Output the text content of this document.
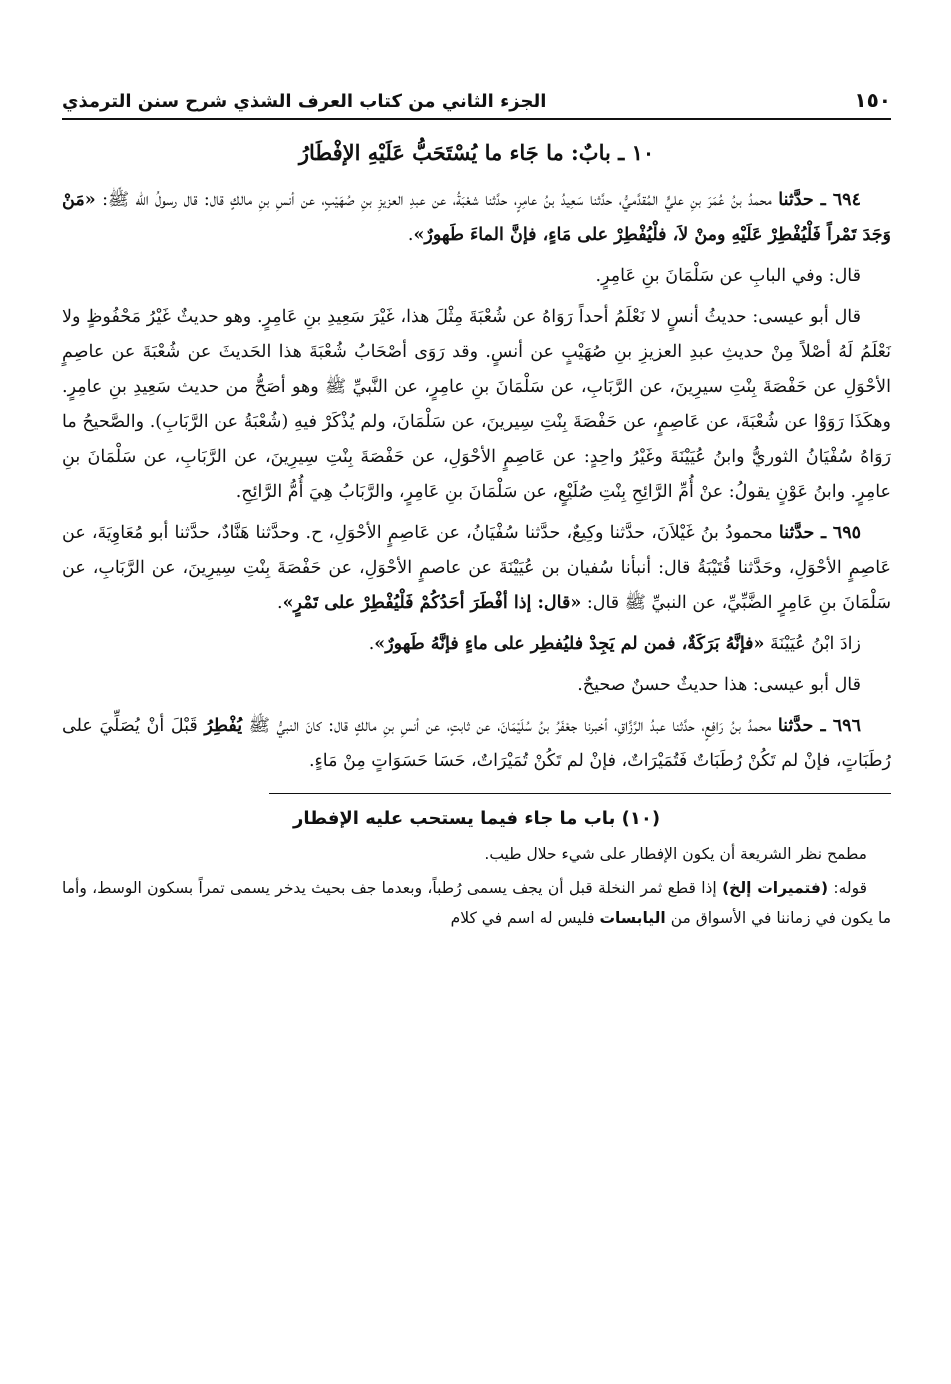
١٥٠
الجزء الثاني من كتاب العرف الشذي شرح سنن الترمذي
١٠ ـ بابٌ: ما جَاء ما يُسْتَحَبُّ عَلَيْهِ الإفْطَارُ

٦٩٤ ـ حدَّثنا محمدُ بنُ عُمَرَ بنِ عليٍّ المُقدَّميُّ، حدَّثنا سَعِيدُ بنُ عامِرٍ، حدَّثنا شعْبَةُ، عن عبدِ العزيزِ بنِ صُهَيْبٍ، عن أنسِ بنِ مالكٍ قال: قال رسولُ الله ﷺ: «مَنْ وَجَدَ تَمْراً فَلْيُفْطِرْ عَلَيْهِ ومنْ لاَ، فلْيُفْطِرْ على مَاءٍ، فإنَّ الماءَ طَهورٌ».

قال: وفي البابِ عن سَلْمَانَ بنِ عَامِرٍ.

قال أبو عيسى: حديثُ أنسٍ لا نَعْلَمُ أحداً رَوَاهُ عن شُعْبَةَ مِثْلَ هذا، غَيْرَ سَعِيدِ بنِ عَامِرٍ. وهو حديثٌ غَيْرُ مَحْفُوظٍ ولا نَعْلَمُ لَهُ أصْلاً مِنْ حديثِ عبدِ العزيزِ بنِ صُهَيْبٍ عن أنسٍ. وقد رَوَى أصْحَابُ شُعْبَةَ هذا الحَديثَ عن شُعْبَةَ عن عاصِمٍ الأحْوَلِ عن حَفْصَةَ بِنْتِ سيرِينَ، عن الرَّبَابِ، عن سَلْمَانَ بنِ عامِرٍ، عن النَّبيِّ ﷺ وهو أصَحُّ من حديث سَعِيدِ بنِ عامِرٍ. وهكَذَا رَوَوْا عن شُعْبَةَ، عن عَاصِمٍ، عن حَفْصَةَ بِنْتِ سِيرينَ، عن سَلْمَانَ، ولم يُذْكَرْ فيهِ (شُعْبَةُ عن الرَّبَابِ). والصَّحيحُ ما رَوَاهُ سُفْيَانُ الثوريُّ وابنُ عُيَيْنَةَ وغَيْرُ واحِدٍ: عن عَاصِمٍ الأحْوَلِ، عن حَفْصَةَ بِنْتِ سِيرِينَ، عن الرَّبَابِ، عن سَلْمَانَ بنِ عامِرٍ. وابنُ عَوْنٍ يقولُ: عنْ أُمِّ الرَّائِحِ بِنْتِ صُلَيْعٍ، عن سَلْمَانَ بنِ عَامِرٍ، والرَّبَابُ هِيَ أُمُّ الرَّائِحِ.

٦٩٥ ـ حدَّثنا محمودُ بنُ غَيْلاَنَ، حدَّثنا وكِيعٌ، حدَّثنا سُفْيَانُ، عن عَاصِمٍ الأحْوَلِ، ح. وحدَّثنا هَنَّادٌ، حدَّثنا أبو مُعَاوِيَةَ، عن عَاصِمٍ الأحْوَلِ، وحَدَّثنا قُتَيْبَةُ قال: أنبأنا سُفيان بن عُيَيْنَةَ عن عاصمٍ الأحْوَلِ، عن حَفْصَةَ بِنْتِ سِيرِينَ، عن الرَّبَابِ، عن سَلْمَانَ بنِ عَامِرٍ الضَّبِّيِّ، عن النبيِّ ﷺ قال: «قال: إذا أفْطَرَ أحَدُكُمْ فَلْيُفْطِرْ على تَمْرٍ».

زادَ ابْنُ عُيَيْنَةَ «فإنَّهُ بَرَكَةٌ، فمن لم يَجِدْ فليُفطِر على ماءٍ فإنَّهُ طَهورٌ».

قال أبو عيسى: هذا حديثٌ حسنٌ صحيحٌ.

٦٩٦ ـ حدَّثنا محمدُ بنُ رَافِعٍ، حدَّثنا عبدُ الرَّزَّاقِ، أخبرنا جعْفَرُ بنُ سُلَيْمَانَ، عن ثابتٍ، عن أنسِ بنِ مالكٍ قال: كانَ النبيُّ ﷺ يُفْطِرُ قَبْلَ أنْ يُصَلِّيَ على رُطَبَاتٍ، فإنْ لم تَكُنْ رُطَبَاتٌ فَتُمَيْرَاتٌ، فإنْ لم تَكُنْ تُمَيْرَاتٌ، حَسَا حَسَوَاتٍ مِنْ مَاءٍ.

(١٠) باب ما جاء فيما يستحب عليه الإفطار

مطمح نظر الشريعة أن يكون الإفطار على شيء حلال طيب.

قوله: (فتميرات إلخ) إذا قطع ثمر النخلة قبل أن يجف يسمى رُطباً، وبعدما جف بحيث يدخر يسمى تمراً بسكون الوسط، وأما ما يكون في زماننا في الأسواق من اليابسات فليس له اسم في كلام
